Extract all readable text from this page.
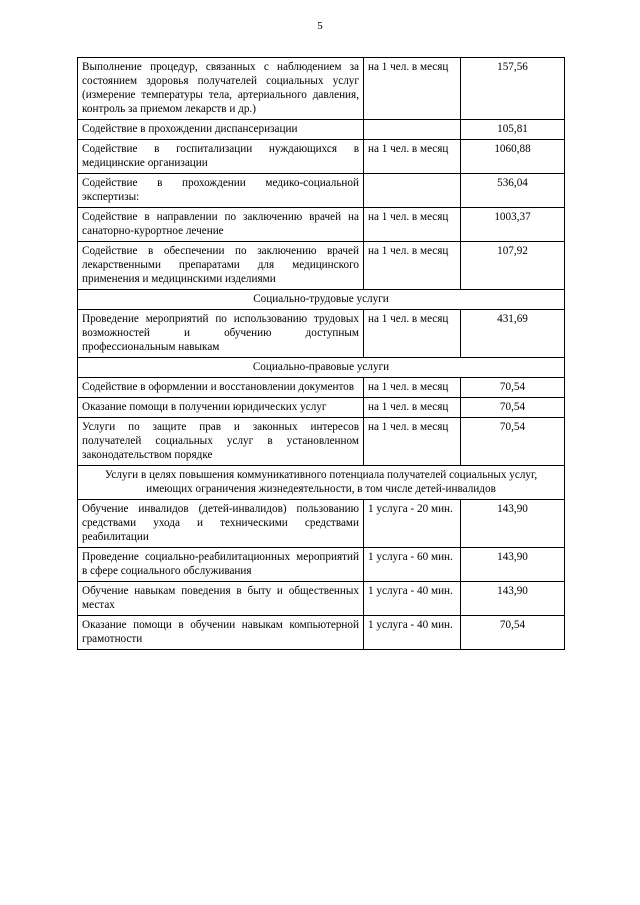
5
Выполнение процедур, связанных с наблюдением за состоянием здоровья получателей социальных услуг (измерение температуры тела, артериального давления, контроль за приемом лекарств и др.)	на 1 чел. в месяц	157,56
Содействие в прохождении диспансеризации		105,81
Содействие в госпитализации нуждающихся в медицинские организации	на 1 чел. в месяц	1060,88
Содействие в прохождении медико-социальной экспертизы:		536,04
Содействие в направлении по заключению врачей на санаторно-курортное лечение	на 1 чел. в месяц	1003,37
Содействие в обеспечении по заключению врачей лекарственными препаратами для медицинского применения и медицинскими изделиями	на 1 чел. в месяц	107,92
Социально-трудовые услуги		
Проведение мероприятий по использованию трудовых возможностей и обучению доступным профессиональным навыкам	на 1 чел. в месяц	431,69
Социально-правовые услуги		
Содействие в оформлении и восстановлении документов	на 1 чел. в месяц	70,54
Оказание помощи в получении юридических услуг	на 1 чел. в месяц	70,54
Услуги по защите прав и законных интересов получателей социальных услуг в установленном законодательством порядке	на 1 чел. в месяц	70,54
Услуги в целях повышения коммуникативного потенциала получателей социальных услуг, имеющих ограничения жизнедеятельности, в том числе детей-инвалидов		
Обучение инвалидов (детей-инвалидов) пользованию средствами ухода и техническими средствами реабилитации	1 услуга - 20 мин.	143,90
Проведение социально-реабилитационных мероприятий в сфере социального обслуживания	1 услуга - 60 мин.	143,90
Обучение навыкам поведения в быту и общественных местах	1 услуга - 40 мин.	143,90
Оказание помощи в обучении навыкам компьютерной грамотности	1 услуга - 40 мин.	70,54
